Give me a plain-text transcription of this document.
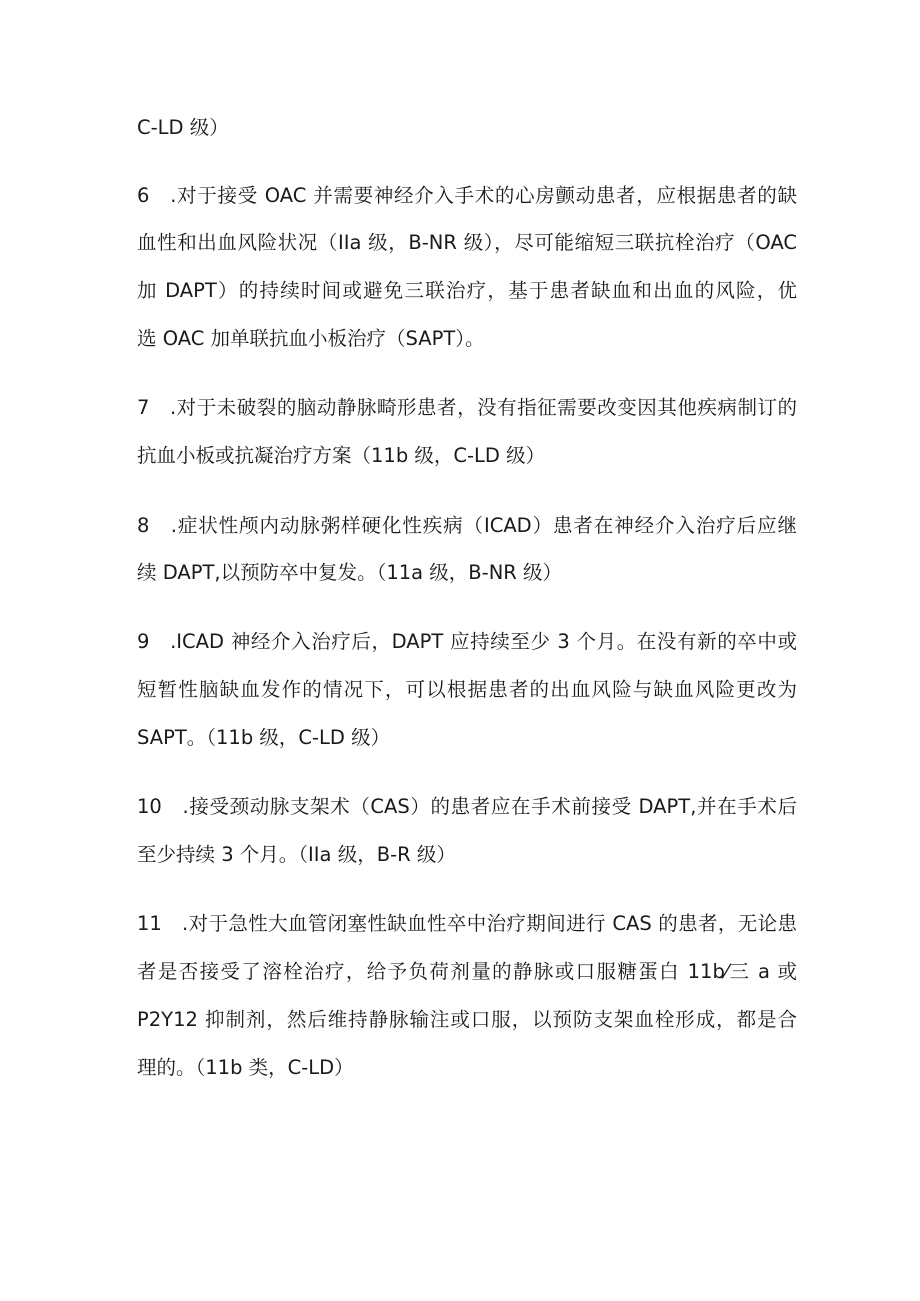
C-LD 级）
6　.对于接受 OAC 并需要神经介入手术的心房颤动患者，应根据患者的缺
血性和出血风险状况（IIa 级，B-NR 级），尽可能缩短三联抗栓治疗（OAC
加 DAPT）的持续时间或避免三联治疗，基于患者缺血和出血的风险，优
选 OAC 加单联抗血小板治疗（SAPT）。
7　.对于未破裂的脑动静脉畸形患者，没有指征需要改变因其他疾病制订的
抗血小板或抗凝治疗方案（11b 级，C-LD 级）
8　.症状性颅内动脉粥样硬化性疾病（ICAD）患者在神经介入治疗后应继
续 DAPT,以预防卒中复发。（11a 级，B-NR 级）
9　.ICAD 神经介入治疗后，DAPT 应持续至少 3 个月。在没有新的卒中或
短暂性脑缺血发作的情况下，可以根据患者的出血风险与缺血风险更改为
SAPT。（11b 级，C-LD 级）
10　.接受颈动脉支架术（CAS）的患者应在手术前接受 DAPT,并在手术后
至少持续 3 个月。（IIa 级，B-R 级）
11　.对于急性大血管闭塞性缺血性卒中治疗期间进行 CAS 的患者，无论患
者是否接受了溶栓治疗，给予负荷剂量的静脉或口服糖蛋白 11b⁄三 a 或
P2Y12 抑制剂，然后维持静脉输注或口服，以预防支架血栓形成，都是合
理的。（11b 类，C-LD）
